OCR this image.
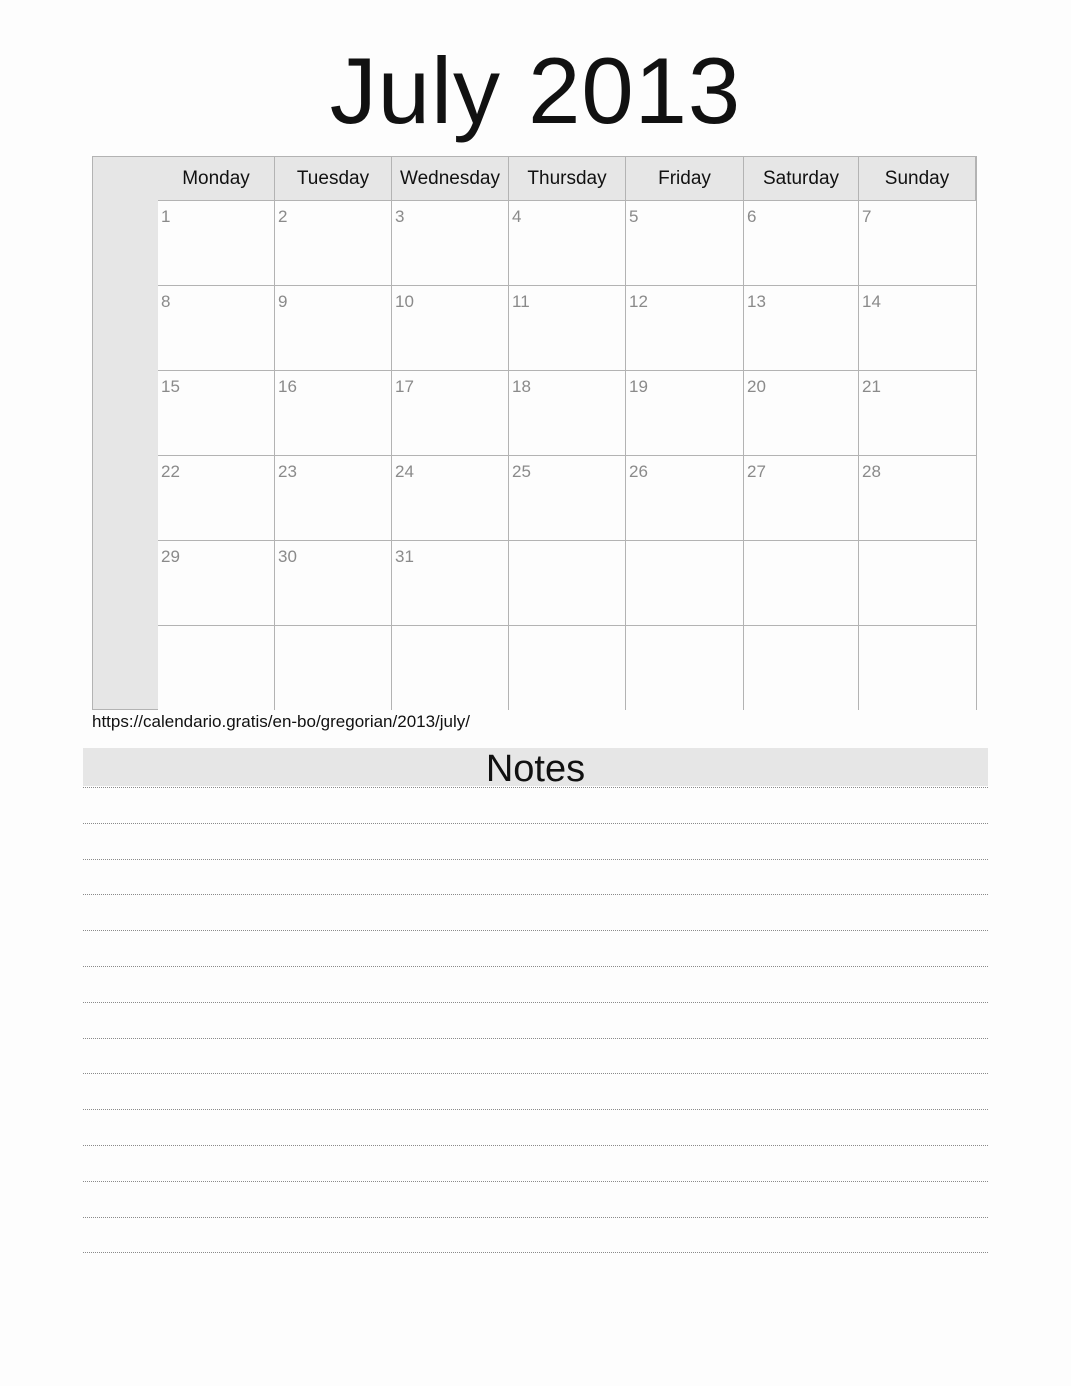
July 2013
Monday	Tuesday	Wednesday	Thursday	Friday	Saturday	Sunday
1	2	3	4	5	6	7
8	9	10	11	12	13	14
15	16	17	18	19	20	21
22	23	24	25	26	27	28
29	30	31
https://calendario.gratis/en-bo/gregorian/2013/july/
Notes
